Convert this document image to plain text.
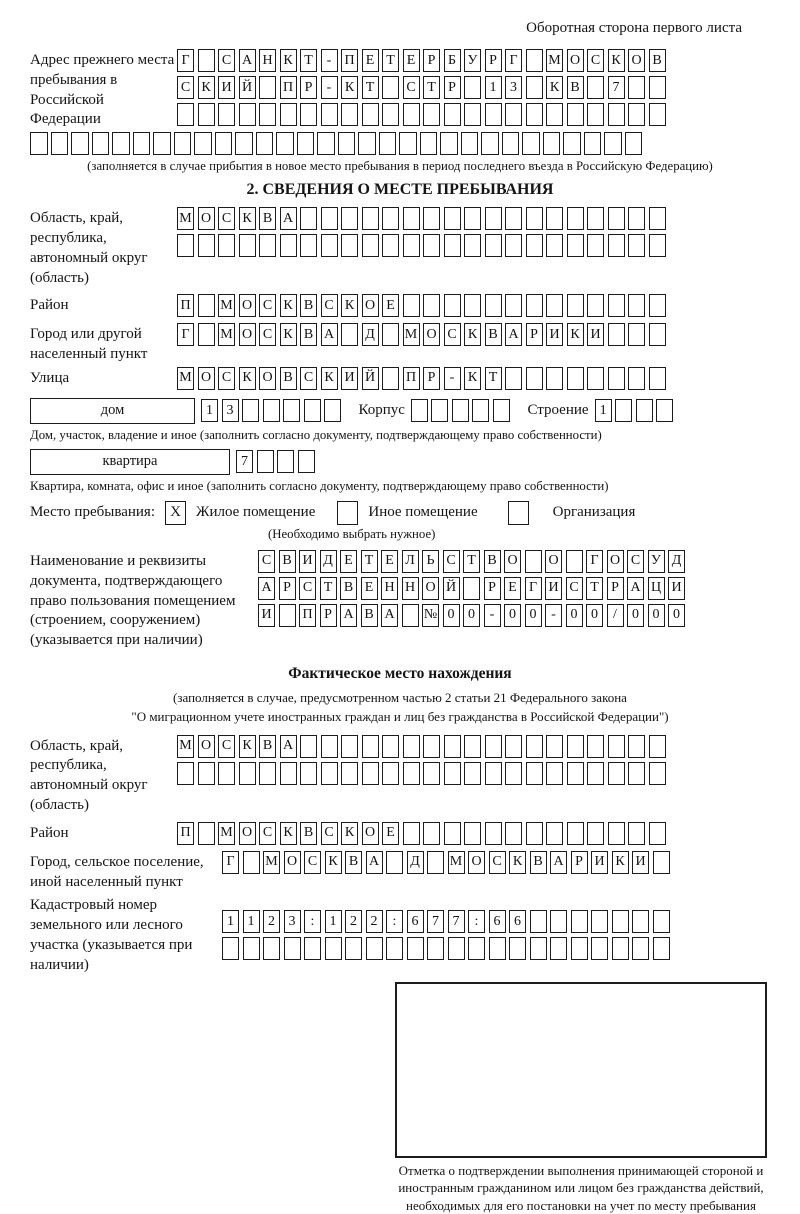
Оборотная сторона первого листа
Адрес прежнего места пребывания в Российской Федерации
Г	С А Н К Т - П Е Т Е Р Б У Р Г	М О С К О В
С К И Й П Р	- К Т	С Т Р	1 3	К В	7
(заполняется в случае прибытия в новое место пребывания в период последнего въезда в Российскую Федерацию)
2. СВЕДЕНИЯ О МЕСТЕ ПРЕБЫВАНИЯ
Область, край, республика, автономный округ (область)
М О С К В А
Район	П М О С К В С К О Е
Город или другой населенный пункт
Г	М О С К В А Д М О С К В А Р И К И
Улица	М О С К О В С К И Й П Р	- К Т
дом	1 3	Корпус	Строение 1
Дом, участок, владение и иное (заполнить согласно документу, подтверждающему право собственности)
квартира	7
Квартира, комната, офис и иное (заполнить согласно документу, подтверждающему право собственности)
Место пребывания:	X	Жилое помещение	Иное помещение	Организация
(Необходимо выбрать нужное)
Наименование и реквизиты документа, подтверждающего право пользования помещением (строением, сооружением) (указывается при наличии)
С В И Д Е Т Е Л Ь С Т В О О	Г О С У Д
А Р С Т В Е Н Н О Й	Р Е Г И С Т Р А Ц И
И П Р А В А № 0 0	-	0 0	-	0 0	/	0 0 0
Фактическое место нахождения
(заполняется в случае, предусмотренном частью 2 статьи 21 Федерального закона
"О миграционном учете иностранных граждан и лиц без гражданства в Российской Федерации")
Область, край, республика, автономный округ (область)
М О С К В А
Район	П М О С К В С К О Е
Город, сельское поселение, иной населенный пункт
Г	М О С К В А Д М О С К В А Р И К И
Кадастровый номер земельного или лесного участка (указывается при наличии)
1 1 2 3	:	1 2 2	:	6 7 7	:	6 6
Отметка о подтверждении выполнения принимающей стороной и иностранным гражданином или лицом без гражданства действий, необходимых для его постановки на учет по месту пребывания
